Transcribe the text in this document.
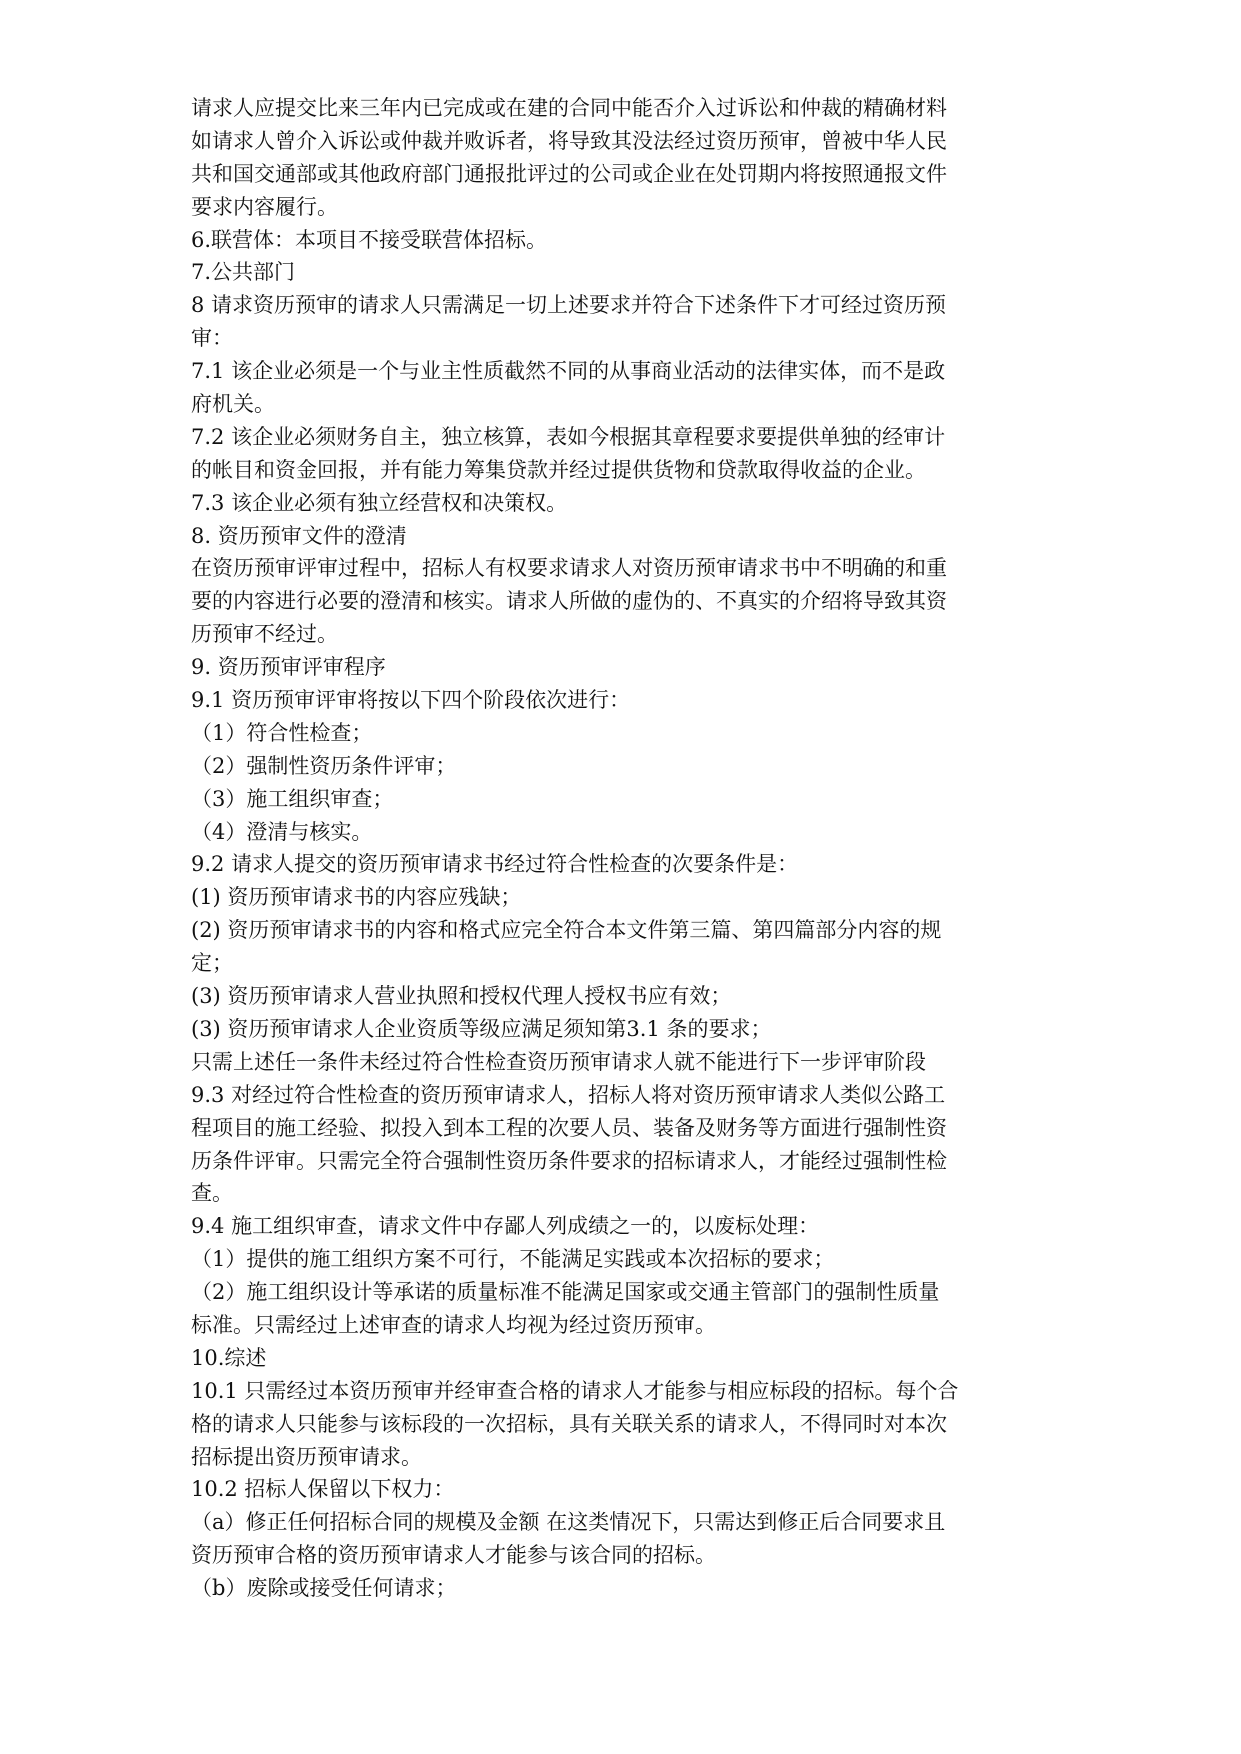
请求人应提交比来三年内已完成或在建的合同中能否介入过诉讼和仲裁的精确材料
如请求人曾介入诉讼或仲裁并败诉者，将导致其没法经过资历预审，曾被中华人民
共和国交通部或其他政府部门通报批评过的公司或企业在处罚期内将按照通报文件
要求内容履行。
6.联营体：本项目不接受联营体招标。
7.公共部门
8 请求资历预审的请求人只需满足一切上述要求并符合下述条件下才可经过资历预
审：
7.1 该企业必须是一个与业主性质截然不同的从事商业活动的法律实体，而不是政
府机关。
7.2 该企业必须财务自主，独立核算，表如今根据其章程要求要提供单独的经审计
的帐目和资金回报，并有能力筹集贷款并经过提供货物和贷款取得收益的企业。
7.3 该企业必须有独立经营权和决策权。
8. 资历预审文件的澄清
在资历预审评审过程中，招标人有权要求请求人对资历预审请求书中不明确的和重
要的内容进行必要的澄清和核实。请求人所做的虚伪的、不真实的介绍将导致其资
历预审不经过。
9. 资历预审评审程序
9.1 资历预审评审将按以下四个阶段依次进行：
（1）符合性检查；
（2）强制性资历条件评审；
（3）施工组织审查；
（4）澄清与核实。
9.2 请求人提交的资历预审请求书经过符合性检查的次要条件是：
(1) 资历预审请求书的内容应残缺；
(2) 资历预审请求书的内容和格式应完全符合本文件第三篇、第四篇部分内容的规
定；
(3) 资历预审请求人营业执照和授权代理人授权书应有效；
(3) 资历预审请求人企业资质等级应满足须知第3.1 条的要求；
只需上述任一条件未经过符合性检查资历预审请求人就不能进行下一步评审阶段
9.3 对经过符合性检查的资历预审请求人，招标人将对资历预审请求人类似公路工
程项目的施工经验、拟投入到本工程的次要人员、装备及财务等方面进行强制性资
历条件评审。只需完全符合强制性资历条件要求的招标请求人，才能经过强制性检
查。
9.4 施工组织审查，请求文件中存鄙人列成绩之一的，以废标处理：
（1）提供的施工组织方案不可行，不能满足实践或本次招标的要求；
（2）施工组织设计等承诺的质量标准不能满足国家或交通主管部门的强制性质量
标准。只需经过上述审查的请求人均视为经过资历预审。
10.综述
10.1 只需经过本资历预审并经审查合格的请求人才能参与相应标段的招标。每个合
格的请求人只能参与该标段的一次招标，具有关联关系的请求人，不得同时对本次
招标提出资历预审请求。
10.2 招标人保留以下权力：
（a）修正任何招标合同的规模及金额 在这类情况下，只需达到修正后合同要求且
资历预审合格的资历预审请求人才能参与该合同的招标。
（b）废除或接受任何请求；
